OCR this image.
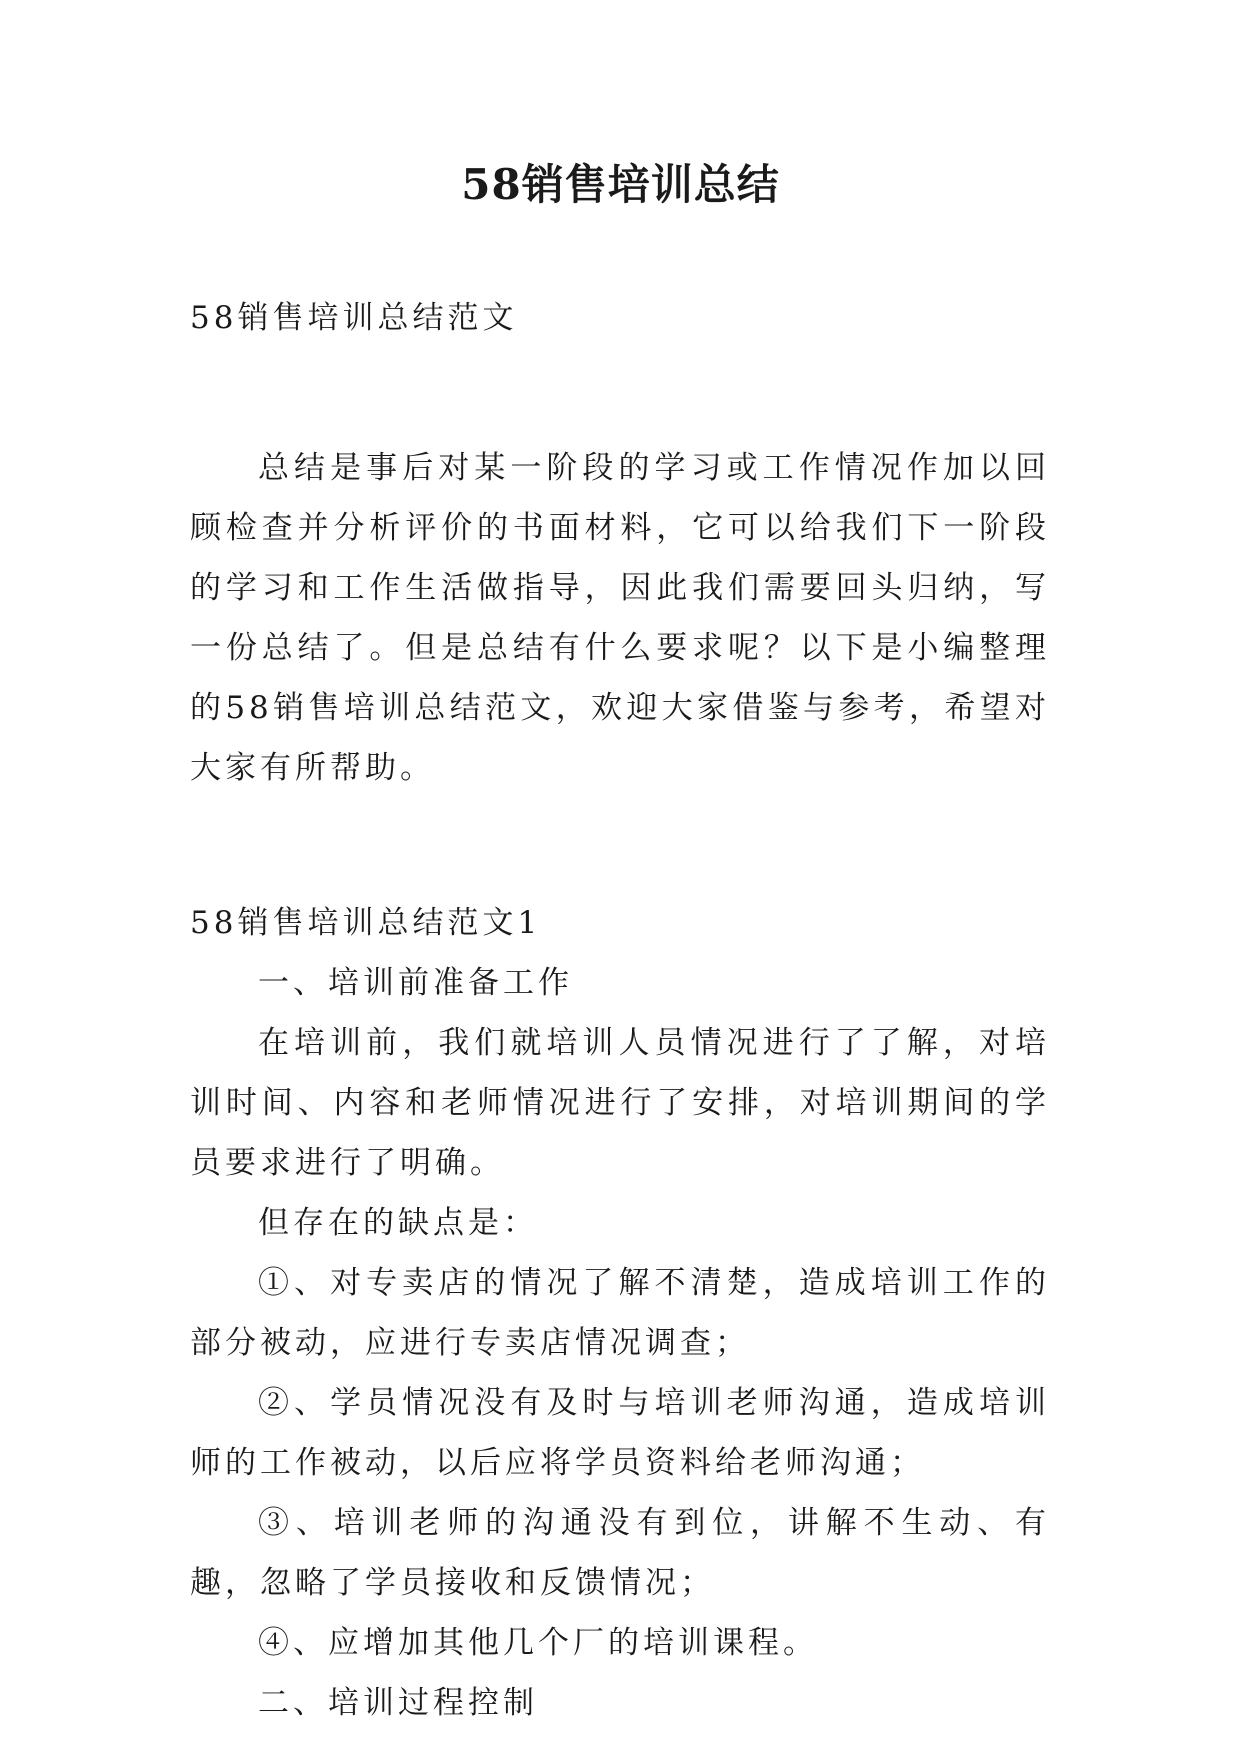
58销售培训总结

58销售培训总结范文

总结是事后对某一阶段的学习或工作情况作加以回顾检查并分析评价的书面材料，它可以给我们下一阶段的学习和工作生活做指导，因此我们需要回头归纳，写一份总结了。但是总结有什么要求呢？以下是小编整理的58销售培训总结范文，欢迎大家借鉴与参考，希望对大家有所帮助。

58销售培训总结范文1

一、培训前准备工作

在培训前，我们就培训人员情况进行了了解，对培训时间、内容和老师情况进行了安排，对培训期间的学员要求进行了明确。

但存在的缺点是：

①、对专卖店的情况了解不清楚，造成培训工作的部分被动，应进行专卖店情况调查；

②、学员情况没有及时与培训老师沟通，造成培训师的工作被动，以后应将学员资料给老师沟通；

③、培训老师的沟通没有到位，讲解不生动、有趣，忽略了学员接收和反馈情况；

④、应增加其他几个厂的培训课程。

二、培训过程控制
